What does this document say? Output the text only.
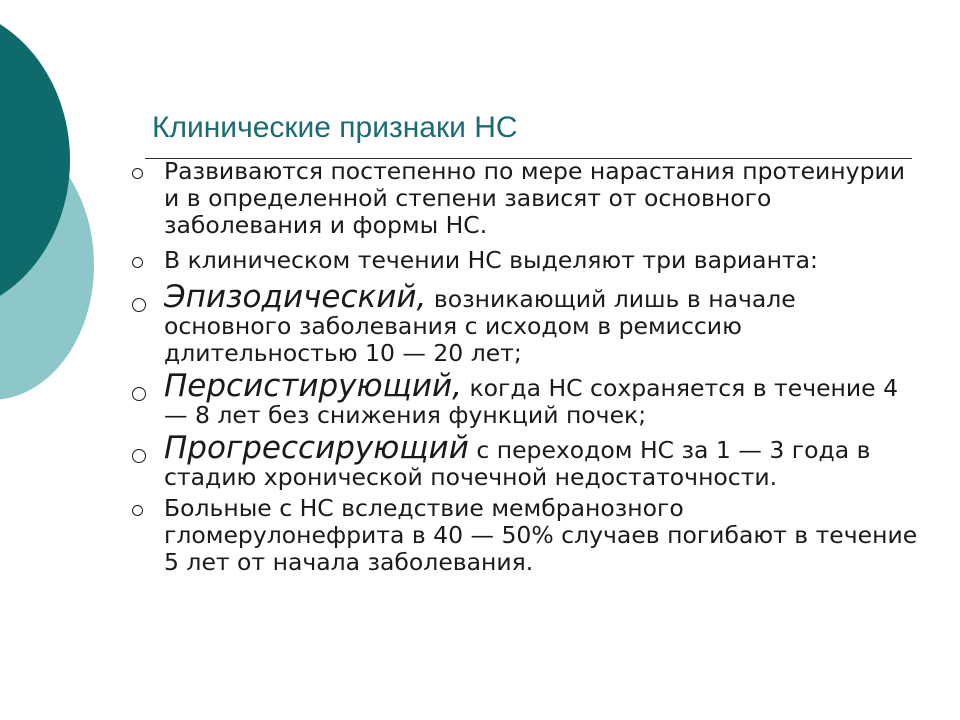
Клинические признаки НС
Развиваются постепенно по мере нарастания протеинурии и в определенной степени зависят от основного заболевания и формы НС.
В клиническом течении НС выделяют три варианта:
Эпизодический, возникающий лишь в начале основного заболевания с исходом в ремиссию длительностью 10 — 20 лет;
Персистирующий, когда НС сохраняется в течение 4 — 8 лет без снижения функций почек;
Прогрессирующий с переходом НС за 1 — 3 года в стадию хронической почечной недостаточности.
Больные с НС вследствие мембранозного гломерулонефрита в 40 — 50% случаев погибают в течение 5 лет от начала заболевания.
